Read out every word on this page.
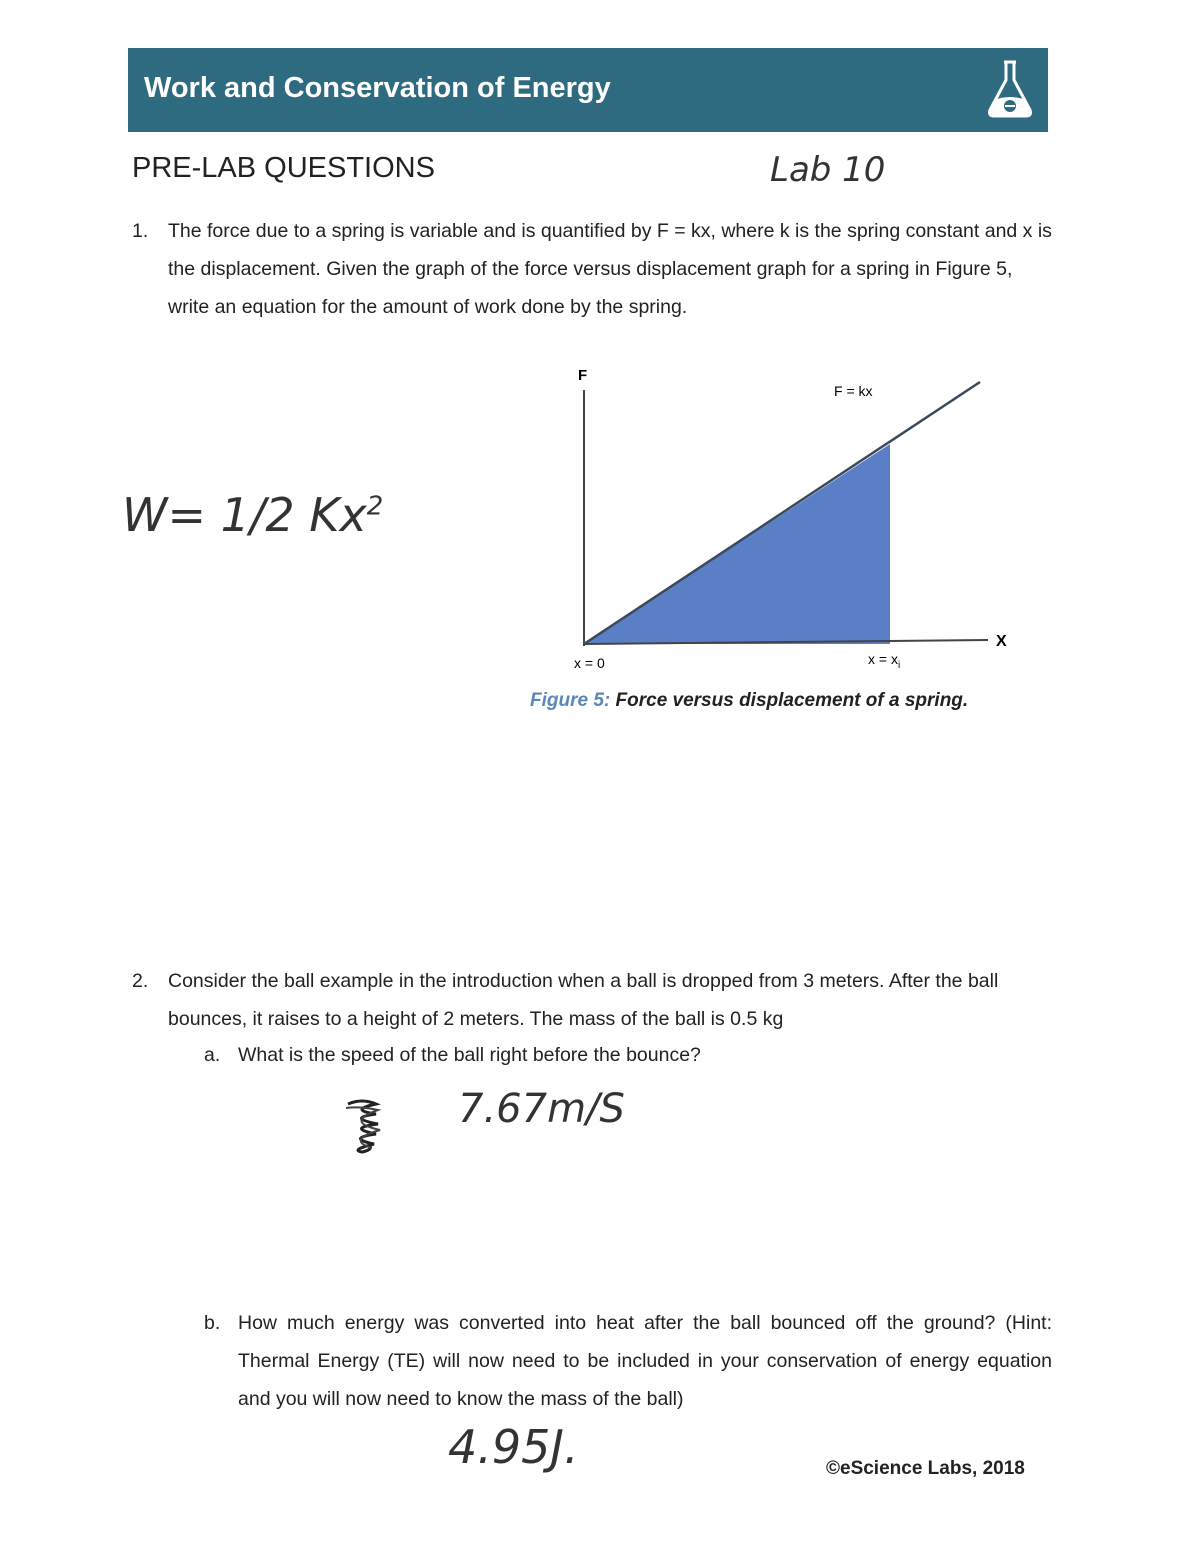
Work and Conservation of Energy
PRE-LAB QUESTIONS	Lab 10
1. The force due to a spring is variable and is quantified by F = kx, where k is the spring constant and x is the displacement. Given the graph of the force versus displacement graph for a spring in Figure 5, write an equation for the amount of work done by the spring.
W= 1/2 Kx$^2$
F
X
F = kx
x = 0	$x = x_i$
Figure 5: Force versus displacement of a spring.
2. Consider the ball example in the introduction when a ball is dropped from 3 meters. After the ball bounces, it raises to a height of 2 meters. The mass of the ball is 0.5 kg
a. What is the speed of the ball right before the bounce?
7.67m/S
b. How much energy was converted into heat after the ball bounced off the ground? (Hint: Thermal Energy (TE) will now need to be included in your conservation of energy equation and you will now need to know the mass of the ball)
4.95J.	©eScience Labs, 2018
